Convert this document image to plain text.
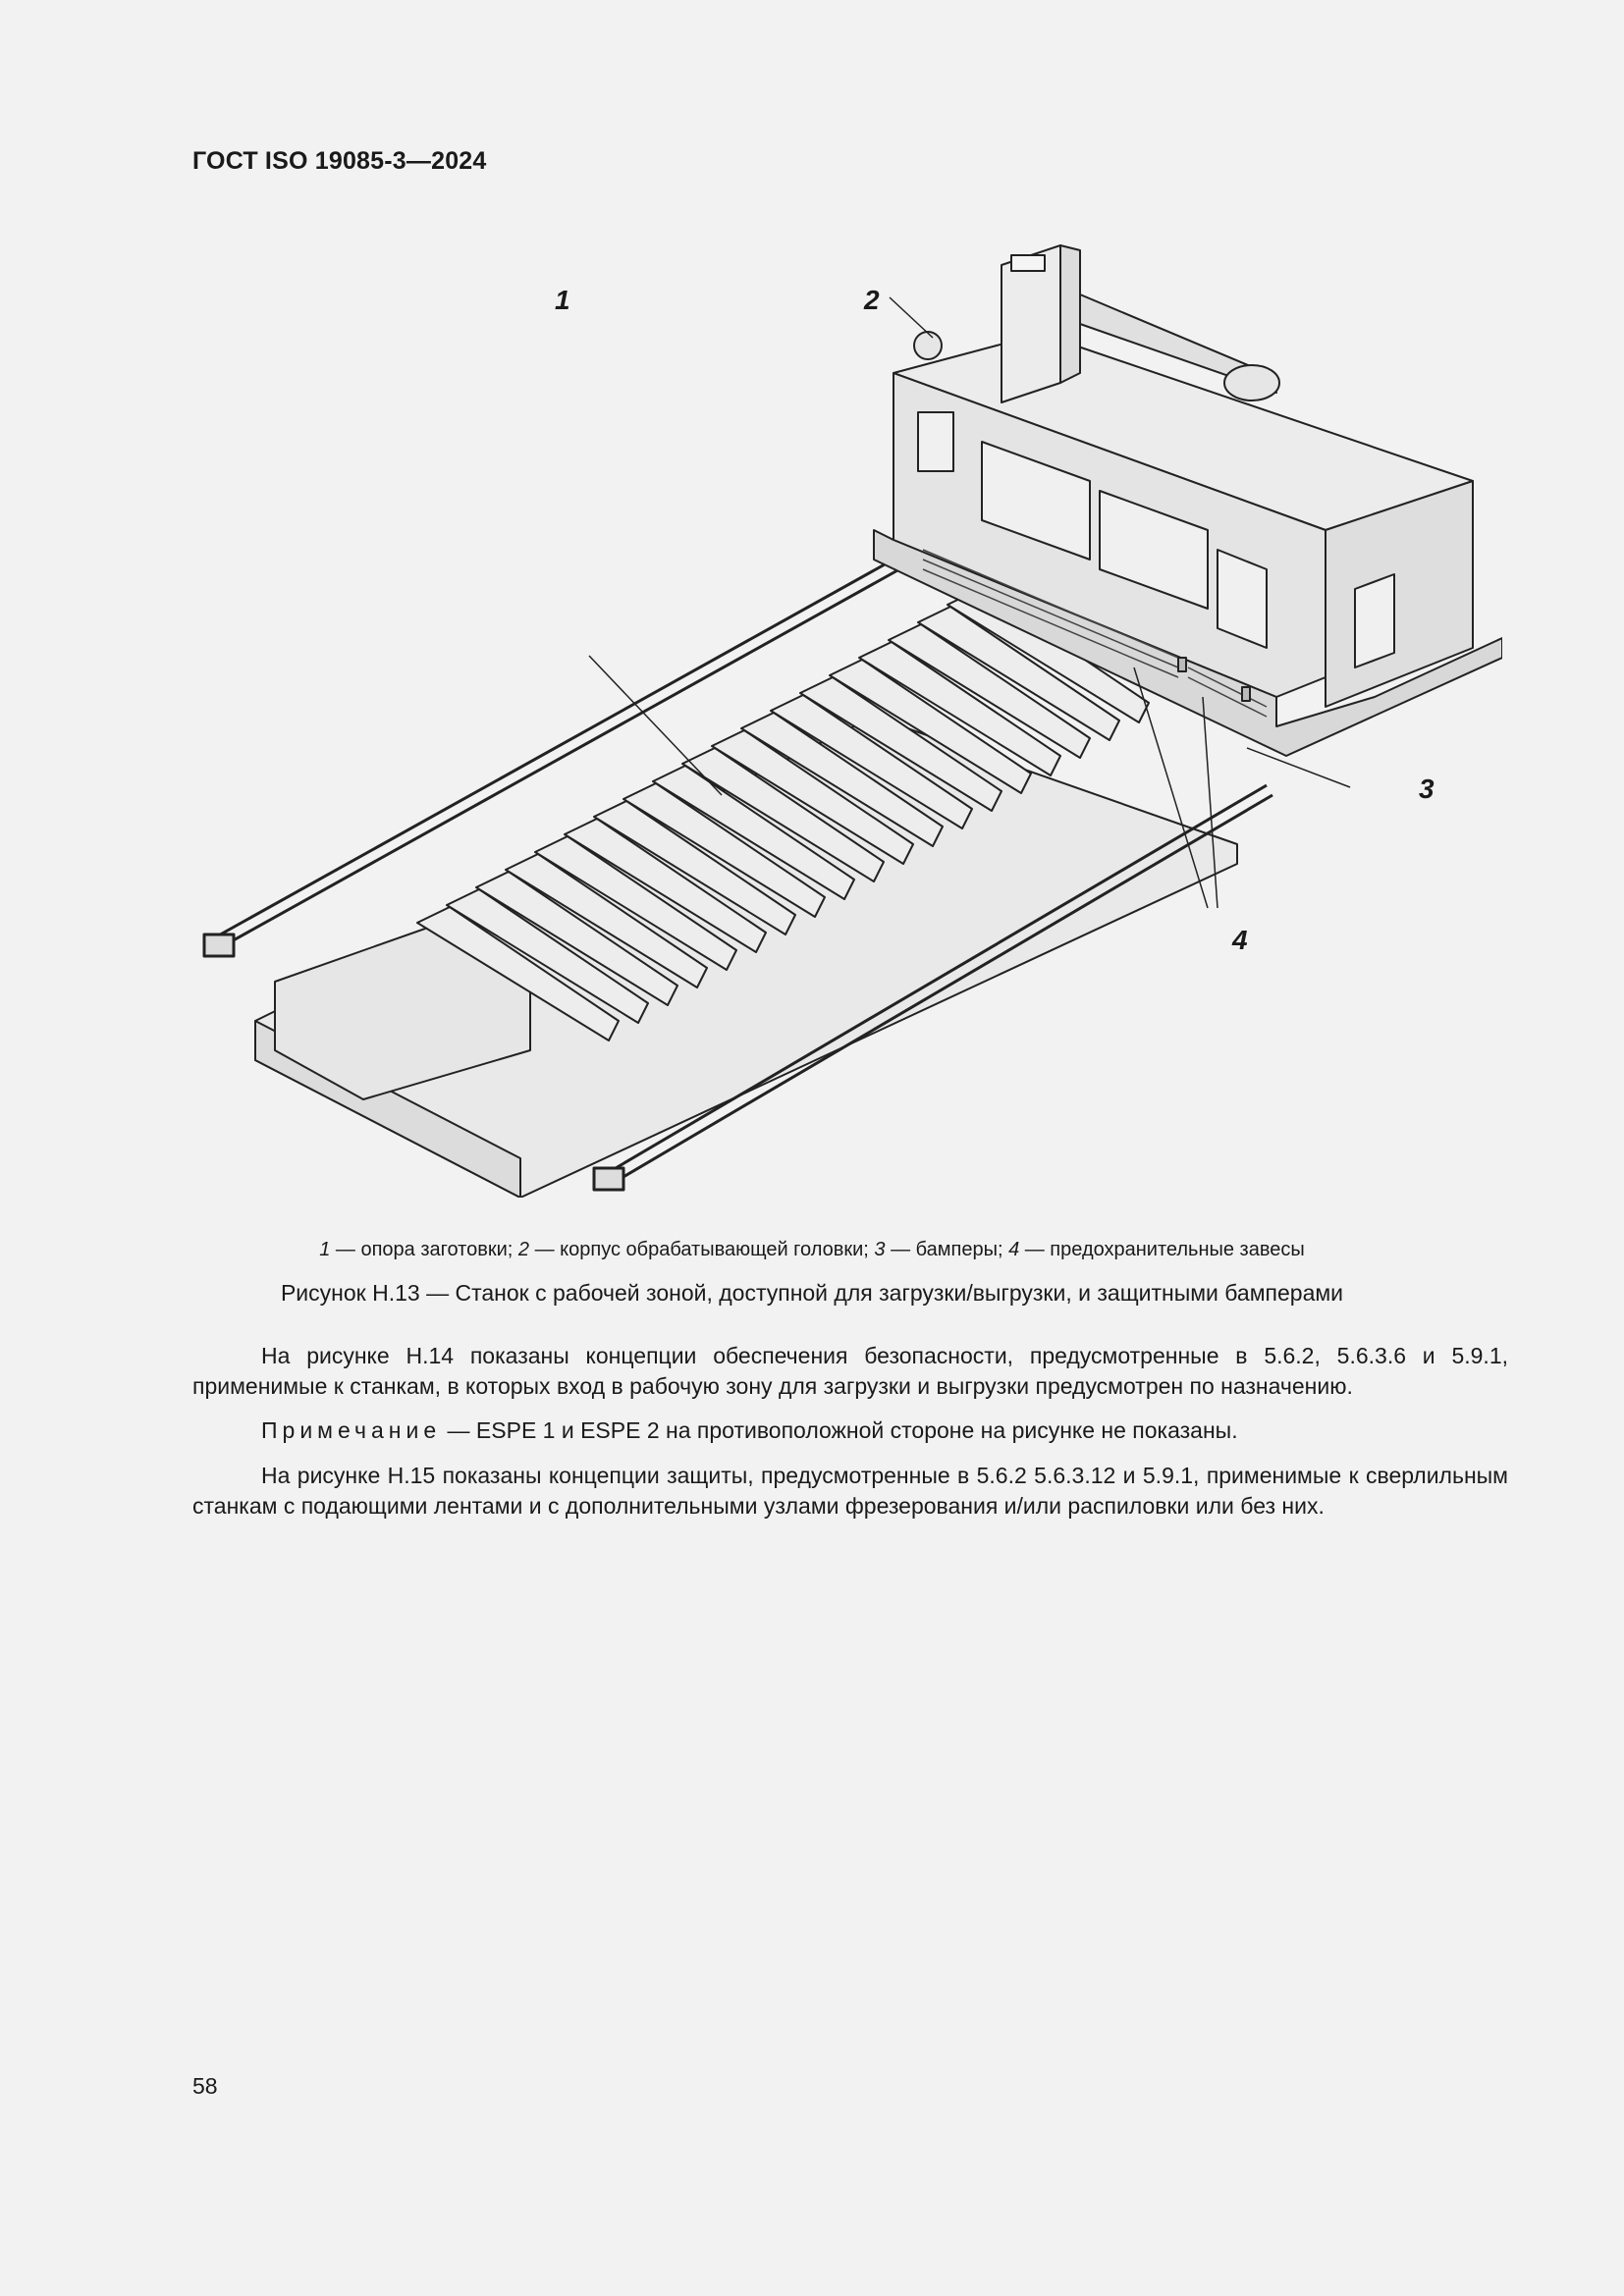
ГОСТ ISO 19085-3—2024
1	2
3
4
1 — опора заготовки; 2 — корпус обрабатывающей головки; 3 — бамперы; 4 — предохранительные завесы
Рисунок H.13 — Станок с рабочей зоной, доступной для загрузки/выгрузки, и защитными бамперами

На рисунке H.14 показаны концепции обеспечения безопасности, предусмотренные в 5.6.2, 5.6.3.6 и 5.9.1, применимые к станкам, в которых вход в рабочую зону для загрузки и выгрузки предусмотрен по назначению.

Примечание — ESPE 1 и ESPE 2 на противоположной стороне на рисунке не показаны.

На рисунке H.15 показаны концепции защиты, предусмотренные в 5.6.2 5.6.3.12 и 5.9.1, применимые к сверлильным станкам с подающими лентами и с дополнительными узлами фрезерования и/или распиловки или без них.

58
